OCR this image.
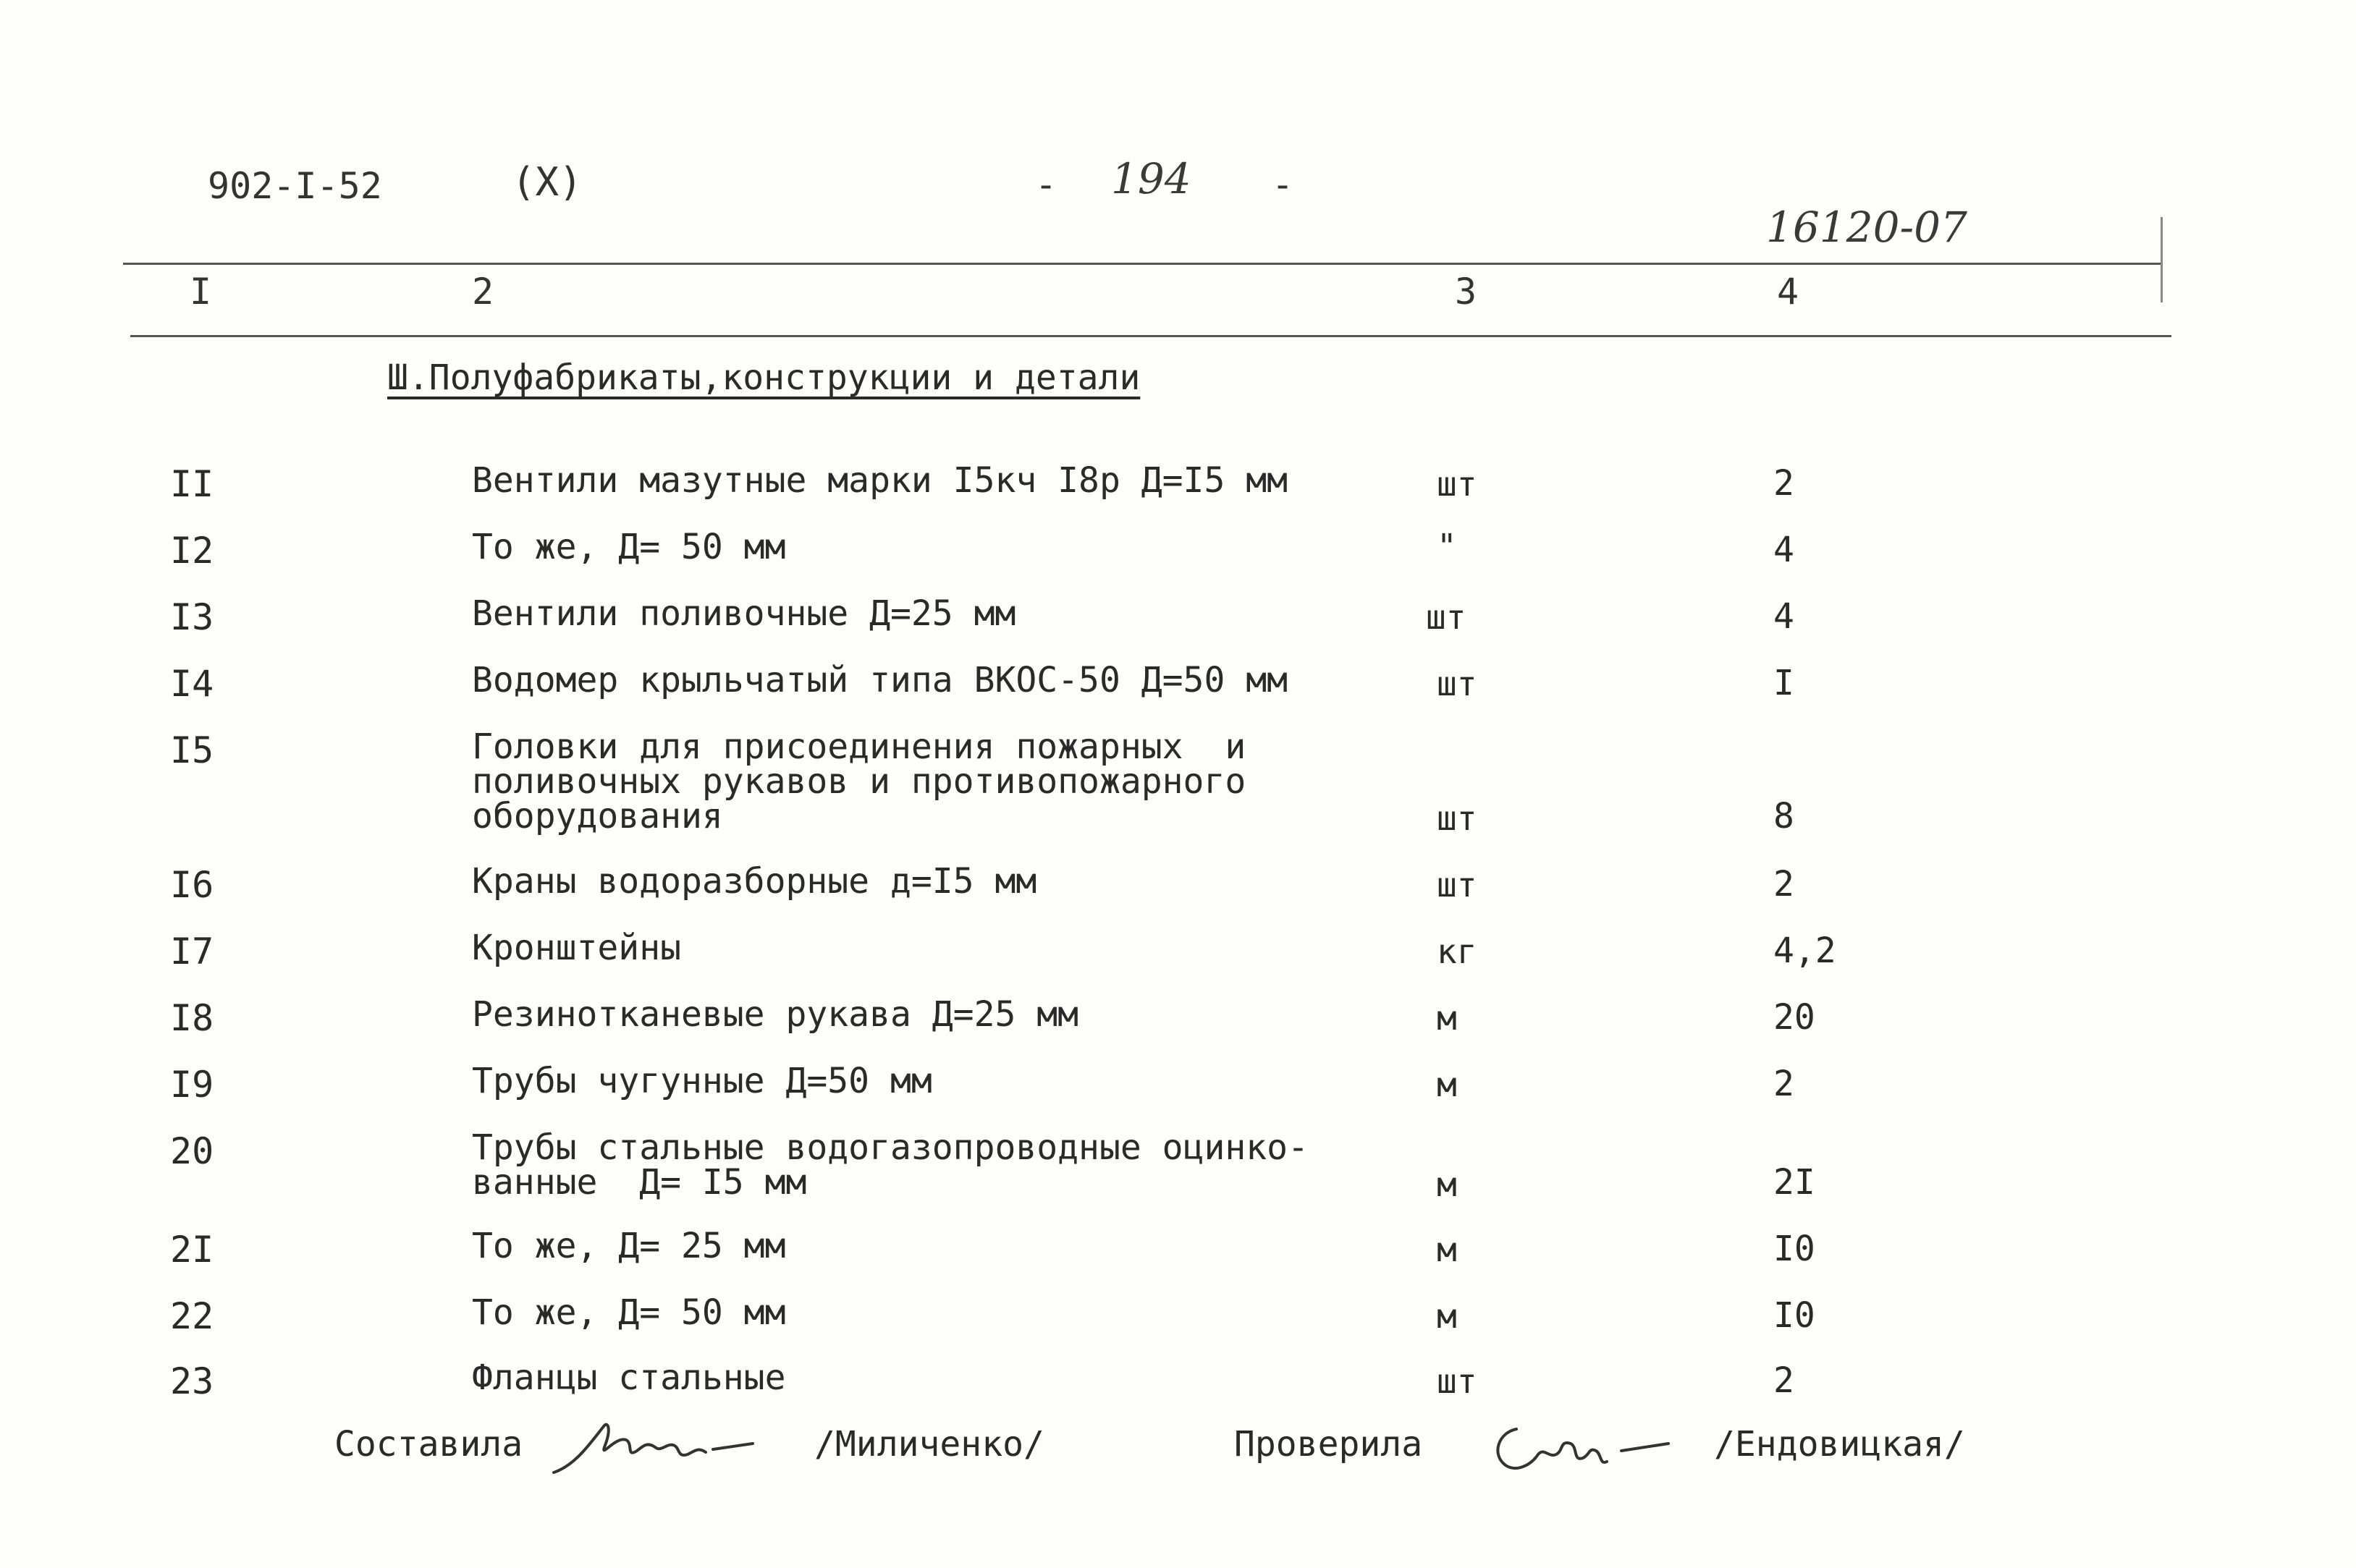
902-I-52	(X)	- 194 -
16120-07
I	2	3	4
Ш.Полуфабрикаты,конструкции и детали
II	Вентили мазутные марки I5кч I8р Д=I5 мм	шт	2
I2	То же, Д= 50 мм	"	4
I3	Вентили поливочные Д=25 мм	шт	4
I4	Водомер крыльчатый типа ВКОС-50 Д=50 мм	шт	I
I5	Головки для присоединения пожарных  и
поливочных рукавов и противопожарного
оборудования	шт	8
I6	Краны водоразборные д=I5 мм	шт	2
I7	Кронштейны	кг	4,2
I8	Резинотканевые рукава Д=25 мм	м	20
I9	Трубы чугунные Д=50 мм	м	2
20	Трубы стальные водогазопроводные оцинко-
ванные  Д= I5 мм	м	2I
2I	То же, Д= 25 мм	м	I0
22	То же, Д= 50 мм	м	I0
23	Фланцы стальные	шт	2
Составила	/Миличенко/	Проверила	/Ендовицкая/
